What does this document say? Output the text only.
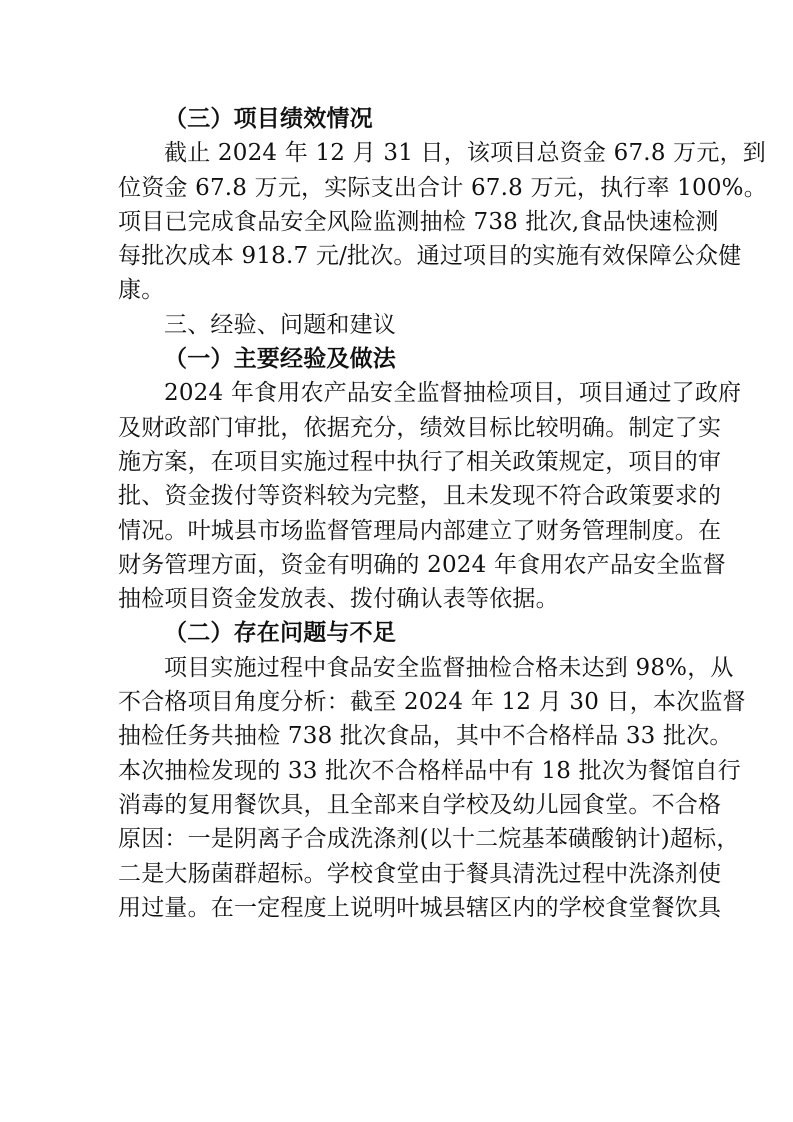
（三）项目绩效情况
截止 2024 年 12 月 31 日，该项目总资金 67.8 万元，到
位资金 67.8 万元，实际支出合计 67.8 万元，执行率 100%。
项目已完成食品安全风险监测抽检 738 批次,食品快速检测
每批次成本 918.7 元/批次。通过项目的实施有效保障公众健
康。
三、经验、问题和建议
（一）主要经验及做法
2024 年食用农产品安全监督抽检项目，项目通过了政府
及财政部门审批，依据充分，绩效目标比较明确。制定了实
施方案，在项目实施过程中执行了相关政策规定，项目的审
批、资金拨付等资料较为完整，且未发现不符合政策要求的
情况。叶城县市场监督管理局内部建立了财务管理制度。在
财务管理方面，资金有明确的 2024 年食用农产品安全监督
抽检项目资金发放表、拨付确认表等依据。
（二）存在问题与不足
项目实施过程中食品安全监督抽检合格未达到 98%，从
不合格项目角度分析：截至 2024 年 12 月 30 日，本次监督
抽检任务共抽检 738 批次食品，其中不合格样品 33 批次。
本次抽检发现的 33 批次不合格样品中有 18 批次为餐馆自行
消毒的复用餐饮具，且全部来自学校及幼儿园食堂。不合格
原因：一是阴离子合成洗涤剂(以十二烷基苯磺酸钠计)超标，
二是大肠菌群超标。学校食堂由于餐具清洗过程中洗涤剂使
用过量。在一定程度上说明叶城县辖区内的学校食堂餐饮具
